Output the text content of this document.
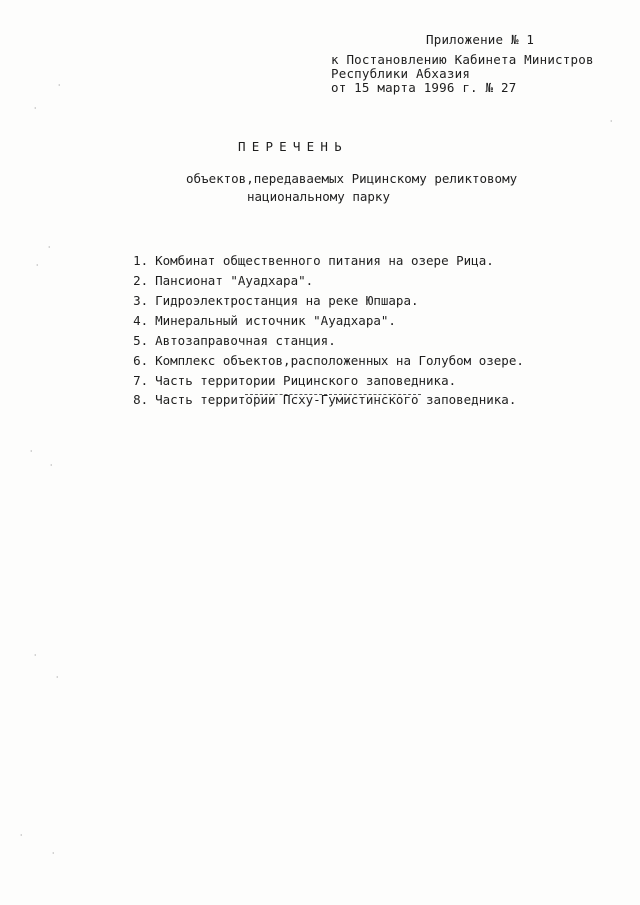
Приложение № 1
к Постановлению Кабинета Министров
Республики Абхазия
от 15 марта 1996 г. № 27
ПЕРЕЧЕНЬ
объектов,передаваемых Рицинскому реликтовому
национальному парку

1. Комбинат общественного питания на озере Рица.

2. Пансионат "Ауадхара".

3. Гидроэлектростанция на реке Юпшара.

4. Минеральный источник "Ауадхара".

5. Автозаправочная станция.

6. Комплекс объектов,расположенных на Голубом озере.

7. Часть территории Рицинского заповедника.

8. Часть территории Псху-Гумистинского заповедника.

⸱
⸱
⸱
⸱
⸱
⸱
⸱
⸱
⸱
⸱
⸱
